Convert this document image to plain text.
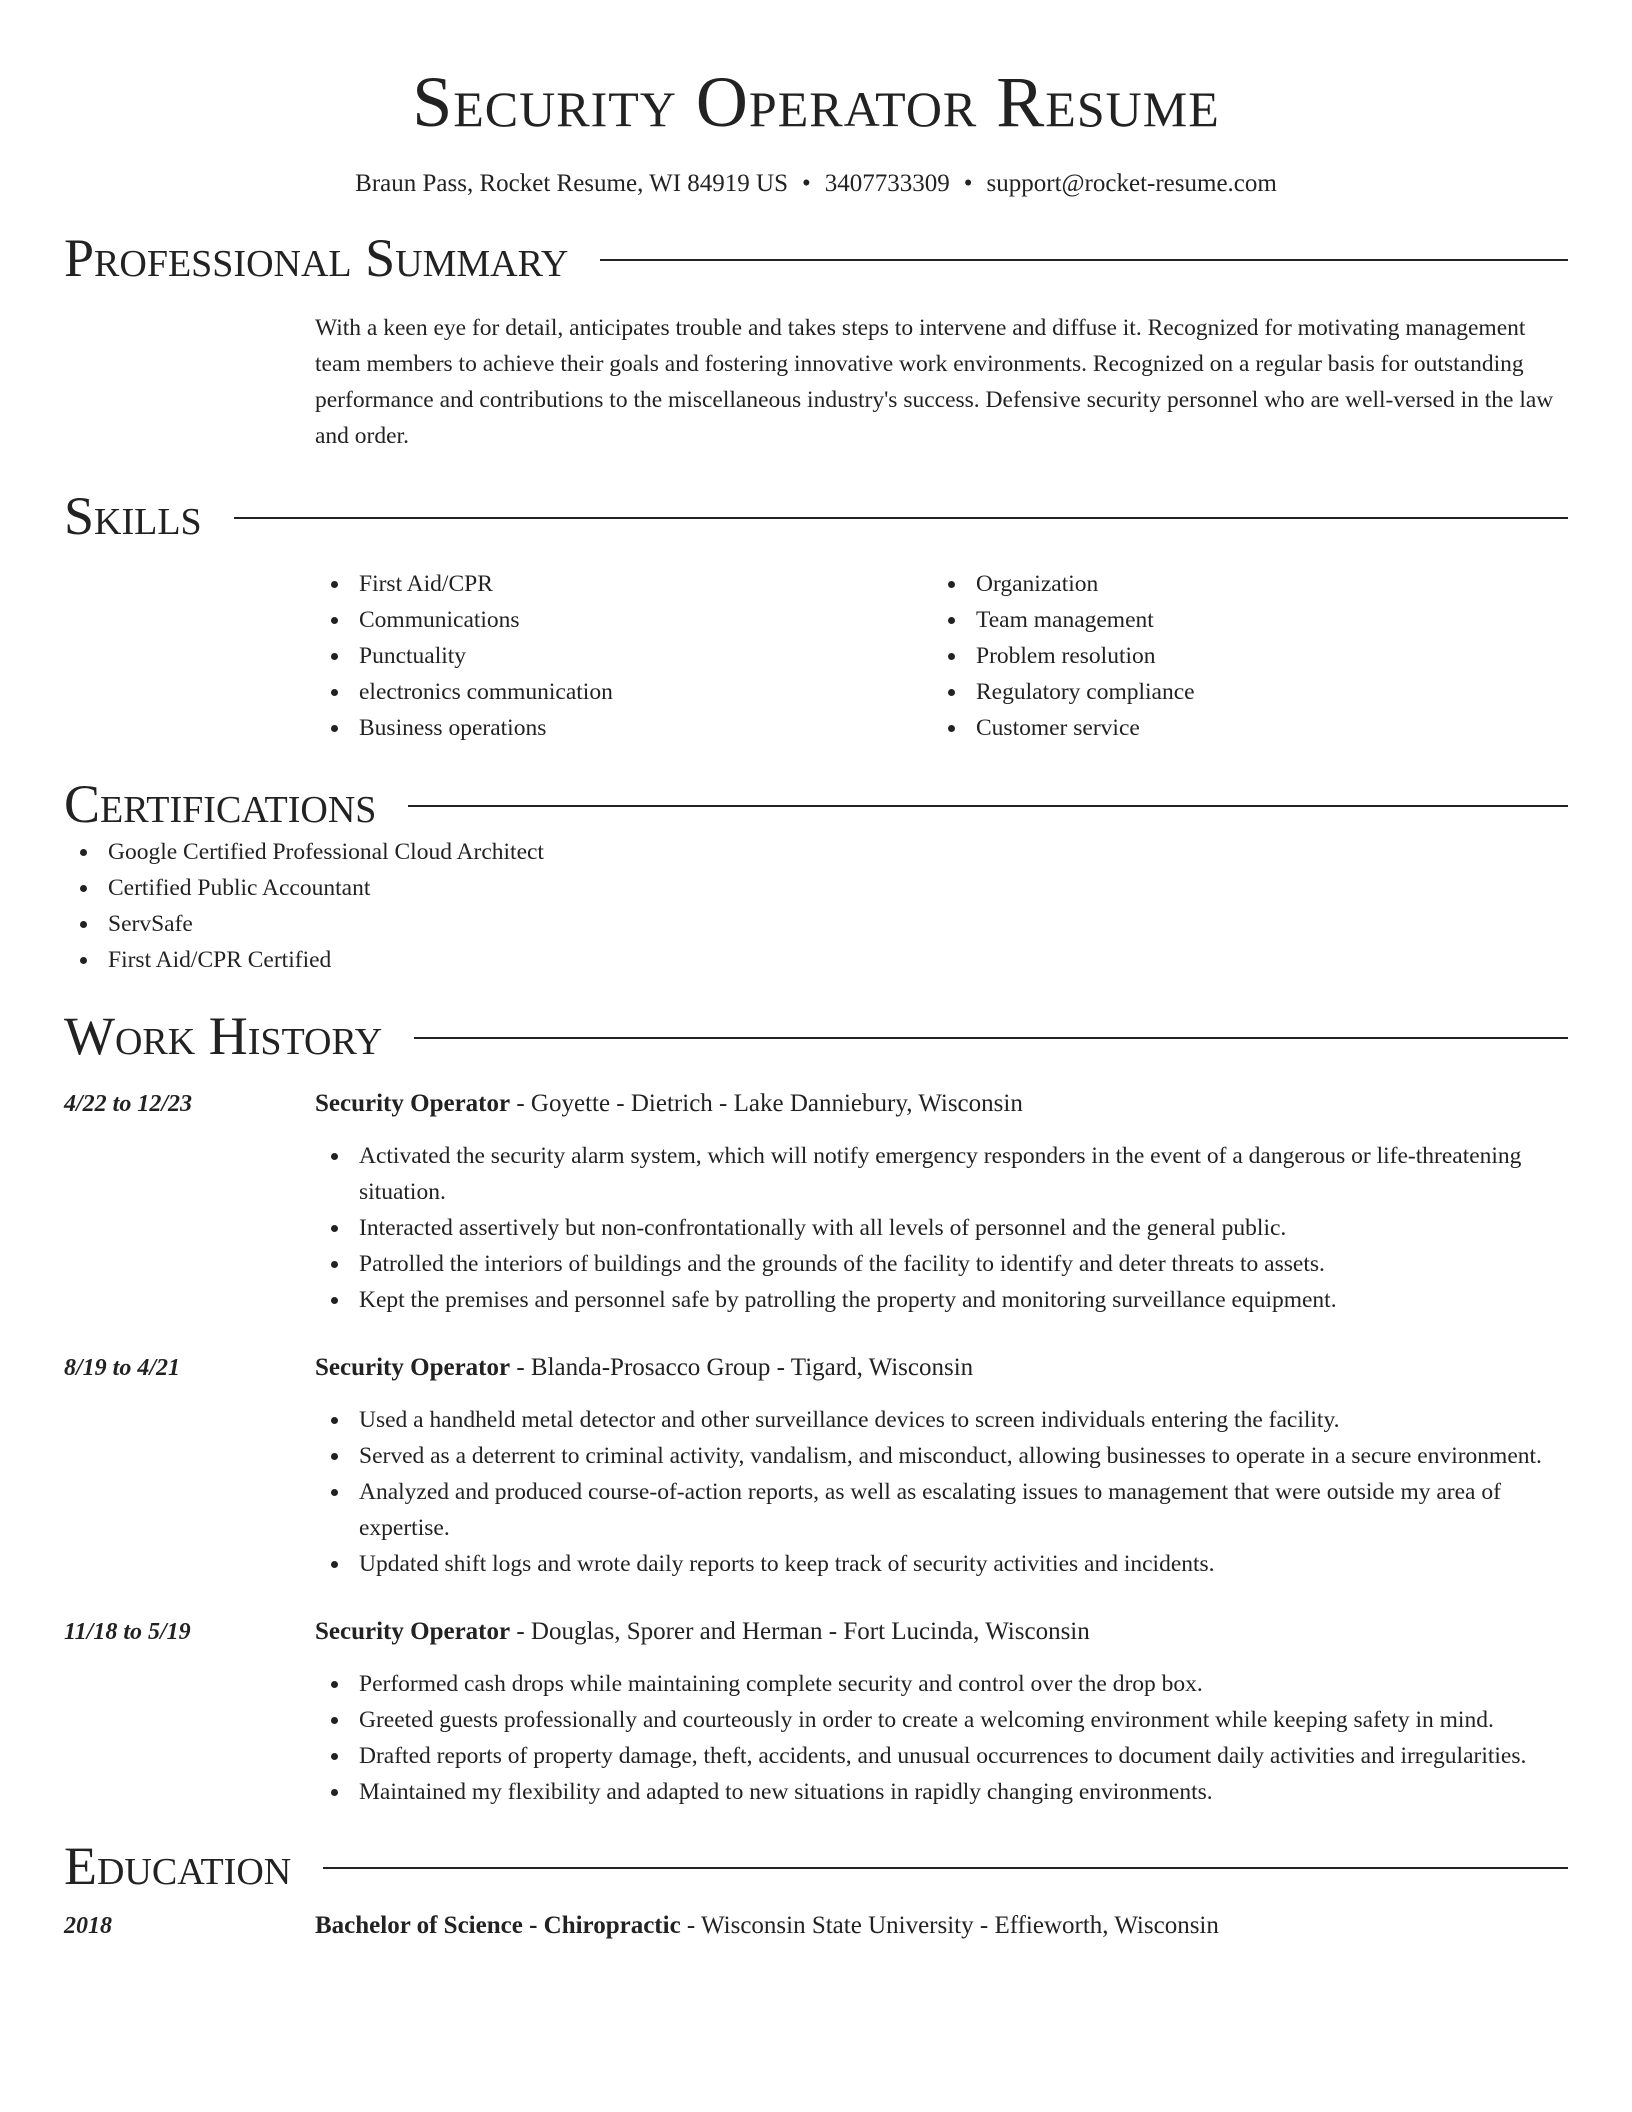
Security Operator Resume
Braun Pass, Rocket Resume, WI 84919 US • 3407733309 • support@rocket-resume.com
Professional Summary

With a keen eye for detail, anticipates trouble and takes steps to intervene and diffuse it. Recognized for motivating management team members to achieve their goals and fostering innovative work environments. Recognized on a regular basis for outstanding performance and contributions to the miscellaneous industry's success. Defensive security personnel who are well-versed in the law and order.

Skills
First Aid/CPR
Communications
Punctuality
electronics communication
Business operations
Organization
Team management
Problem resolution
Regulatory compliance
Customer service
Certifications
Google Certified Professional Cloud Architect
Certified Public Accountant
ServSafe
First Aid/CPR Certified
Work History
4/22 to 12/23	Security Operator - Goyette - Dietrich - Lake Danniebury, Wisconsin
Activated the security alarm system, which will notify emergency responders in the event of a dangerous or life-threatening situation.
Interacted assertively but non-confrontationally with all levels of personnel and the general public.
Patrolled the interiors of buildings and the grounds of the facility to identify and deter threats to assets.
Kept the premises and personnel safe by patrolling the property and monitoring surveillance equipment.
8/19 to 4/21	Security Operator - Blanda-Prosacco Group - Tigard, Wisconsin
Used a handheld metal detector and other surveillance devices to screen individuals entering the facility.
Served as a deterrent to criminal activity, vandalism, and misconduct, allowing businesses to operate in a secure environment.
Analyzed and produced course-of-action reports, as well as escalating issues to management that were outside my area of expertise.
Updated shift logs and wrote daily reports to keep track of security activities and incidents.
11/18 to 5/19	Security Operator - Douglas, Sporer and Herman - Fort Lucinda, Wisconsin
Performed cash drops while maintaining complete security and control over the drop box.
Greeted guests professionally and courteously in order to create a welcoming environment while keeping safety in mind.
Drafted reports of property damage, theft, accidents, and unusual occurrences to document daily activities and irregularities.
Maintained my flexibility and adapted to new situations in rapidly changing environments.
Education
2018	Bachelor of Science - Chiropractic - Wisconsin State University - Effieworth, Wisconsin
